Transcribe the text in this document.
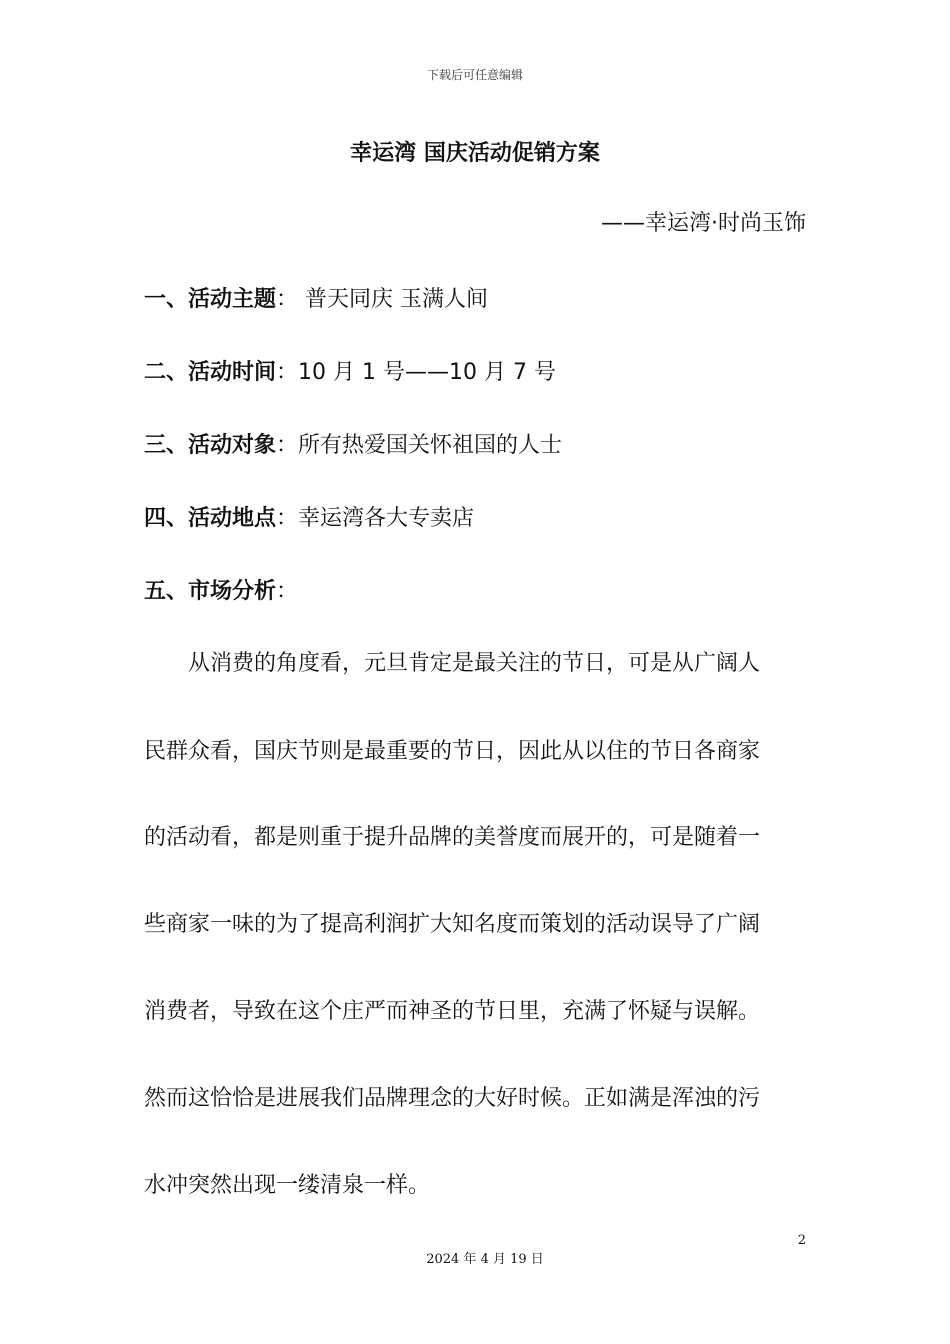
下载后可任意编辑
幸运湾 国庆活动促销方案
——幸运湾·时尚玉饰
一、活动主题： 普天同庆 玉满人间
二、活动时间：10 月 1 号——10 月 7 号
三、活动对象：所有热爱国关怀祖国的人士
四、活动地点：幸运湾各大专卖店
五、市场分析：
从消费的角度看，元旦肯定是最关注的节日，可是从广阔人
民群众看，国庆节则是最重要的节日，因此从以住的节日各商家
的活动看，都是则重于提升品牌的美誉度而展开的，可是随着一
些商家一味的为了提高利润扩大知名度而策划的活动误导了广阔
消费者，导致在这个庄严而神圣的节日里，充满了怀疑与误解。
然而这恰恰是进展我们品牌理念的大好时候。正如满是浑浊的污
水冲突然出现一缕清泉一样。
2
2024 年 4 月 19 日
